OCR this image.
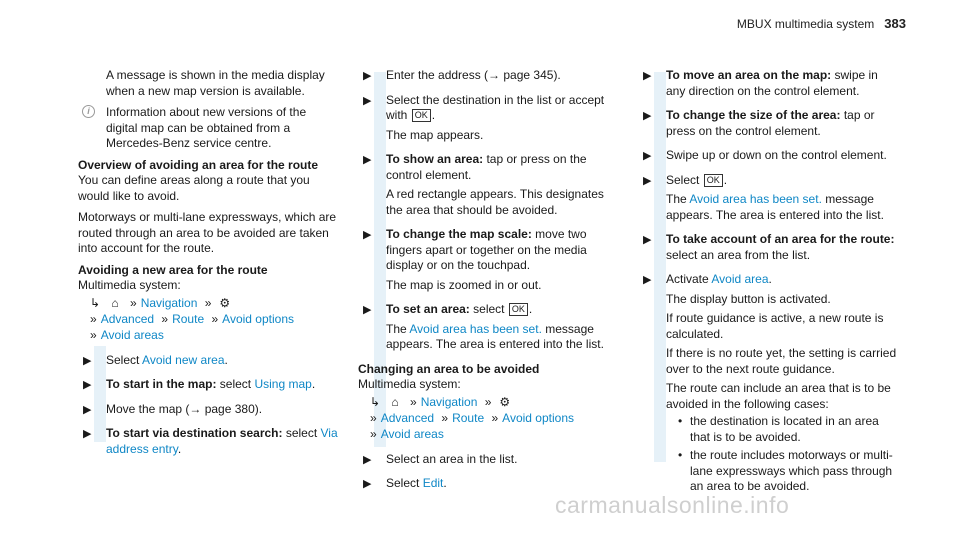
MBUX multimedia system 383

A message is shown in the media display when a new map version is available.

i	Information about new versions of the digital map can be obtained from a Mercedes-Benz service centre.

Overview of avoiding an area for the route

You can define areas along a route that you would like to avoid.

Motorways or multi-lane expressways, which are routed through an area to be avoided are taken into account for the route.

Avoiding a new area for the route

Multimedia system:

↳ ⌂ » Navigation » ⚙
» Advanced » Route » Avoid options
» Avoid areas
▶ Select Avoid new area.

▶ To start in the map: select Using map.

▶ Move the map (→ page 380).

▶ To start via destination search: select Via address entry.

▶ Enter the address (→ page 345).

▶ Select the destination in the list or accept with OK .

The map appears.

▶ To show an area: tap or press on the control element.

A red rectangle appears. This designates the area that should be avoided.

▶ To change the map scale: move two fingers apart or together on the media display or on the touchpad.

The map is zoomed in or out.

▶ To set an area: select OK .

The Avoid area has been set. message appears. The area is entered into the list.

Changing an area to be avoided

Multimedia system:

↳ ⌂ » Navigation » ⚙
» Advanced » Route » Avoid options
» Avoid areas
▶ Select an area in the list.

▶ Select Edit.

▶ To move an area on the map: swipe in any direction on the control element.

▶ To change the size of the area: tap or press on the control element.

▶ Swipe up or down on the control element.

▶ Select OK .

The Avoid area has been set. message appears. The area is entered into the list.

▶ To take account of an area for the route: select an area from the list.

▶ Activate Avoid area.

The display button is activated.

If route guidance is active, a new route is calculated.

If there is no route yet, the setting is carried over to the next route guidance.

The route can include an area that is to be avoided in the following cases:

• the destination is located in an area that is to be avoided.
• the route includes motorways or multi-lane expressways which pass through an area to be avoided.
carmanualsonline.info
